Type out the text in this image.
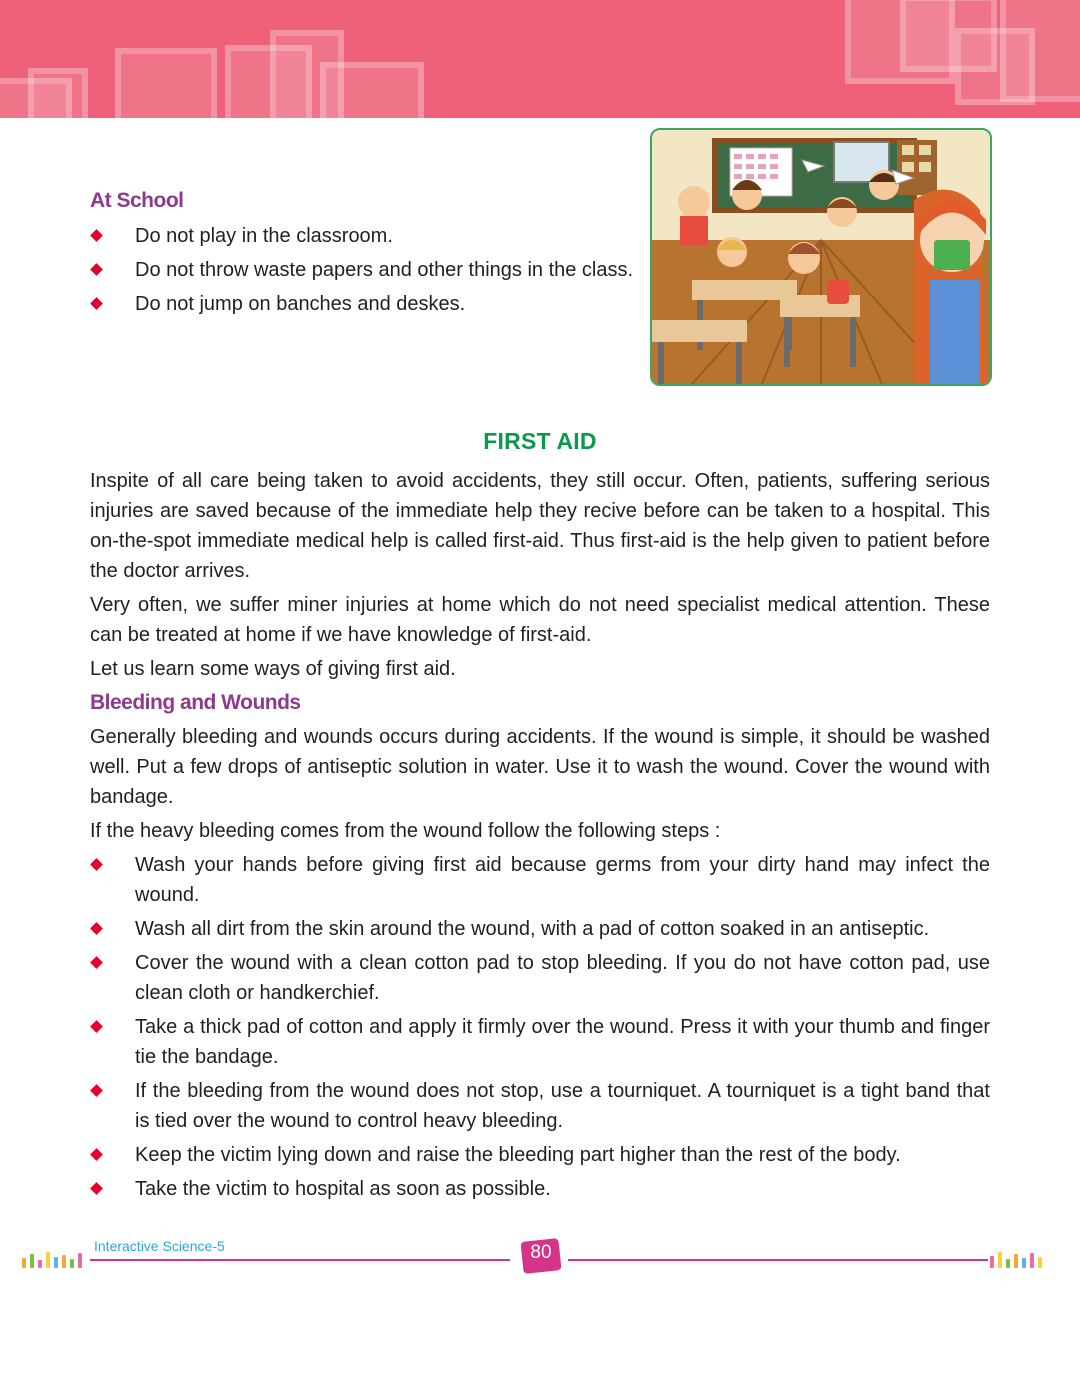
At School
Do not play in the classroom.
Do not throw waste papers and other things in the class.
Do not jump on banches and deskes.
FIRST AID

Inspite of all care being taken to avoid accidents, they still occur. Often, patients, suffering serious injuries are saved because of the immediate help they recive before can be taken to a hospital. This on-the-spot immediate medical help is called first-aid. Thus first-aid is the help given to patient before the doctor arrives.

Very often, we suffer miner injuries at home which do not need specialist medical attention. These can be treated at home if we have knowledge of first-aid.

Let us learn some ways of giving first aid.

Bleeding and Wounds

Generally bleeding and wounds occurs during accidents. If the wound is simple, it should be washed well. Put a few drops of antiseptic solution in water. Use it to wash the wound. Cover the wound with bandage.

If the heavy bleeding comes from the wound follow the following steps :

Wash your hands before giving first aid because germs from your dirty hand may infect the wound.
Wash all dirt from the skin around the wound, with a pad of cotton soaked in an antiseptic.
Cover the wound with a clean cotton pad to stop bleeding. If you do not have cotton pad, use clean cloth or handkerchief.
Take a thick pad of cotton and apply it firmly over the wound. Press it with your thumb and finger tie the bandage.
If the bleeding from the wound does not stop, use a tourniquet. A tourniquet is a tight band that is tied over the wound to control heavy bleeding.
Keep the victim lying down and raise the bleeding part higher than the rest of the body.
Take the victim to hospital as soon as possible.
Interactive Science-5	80
